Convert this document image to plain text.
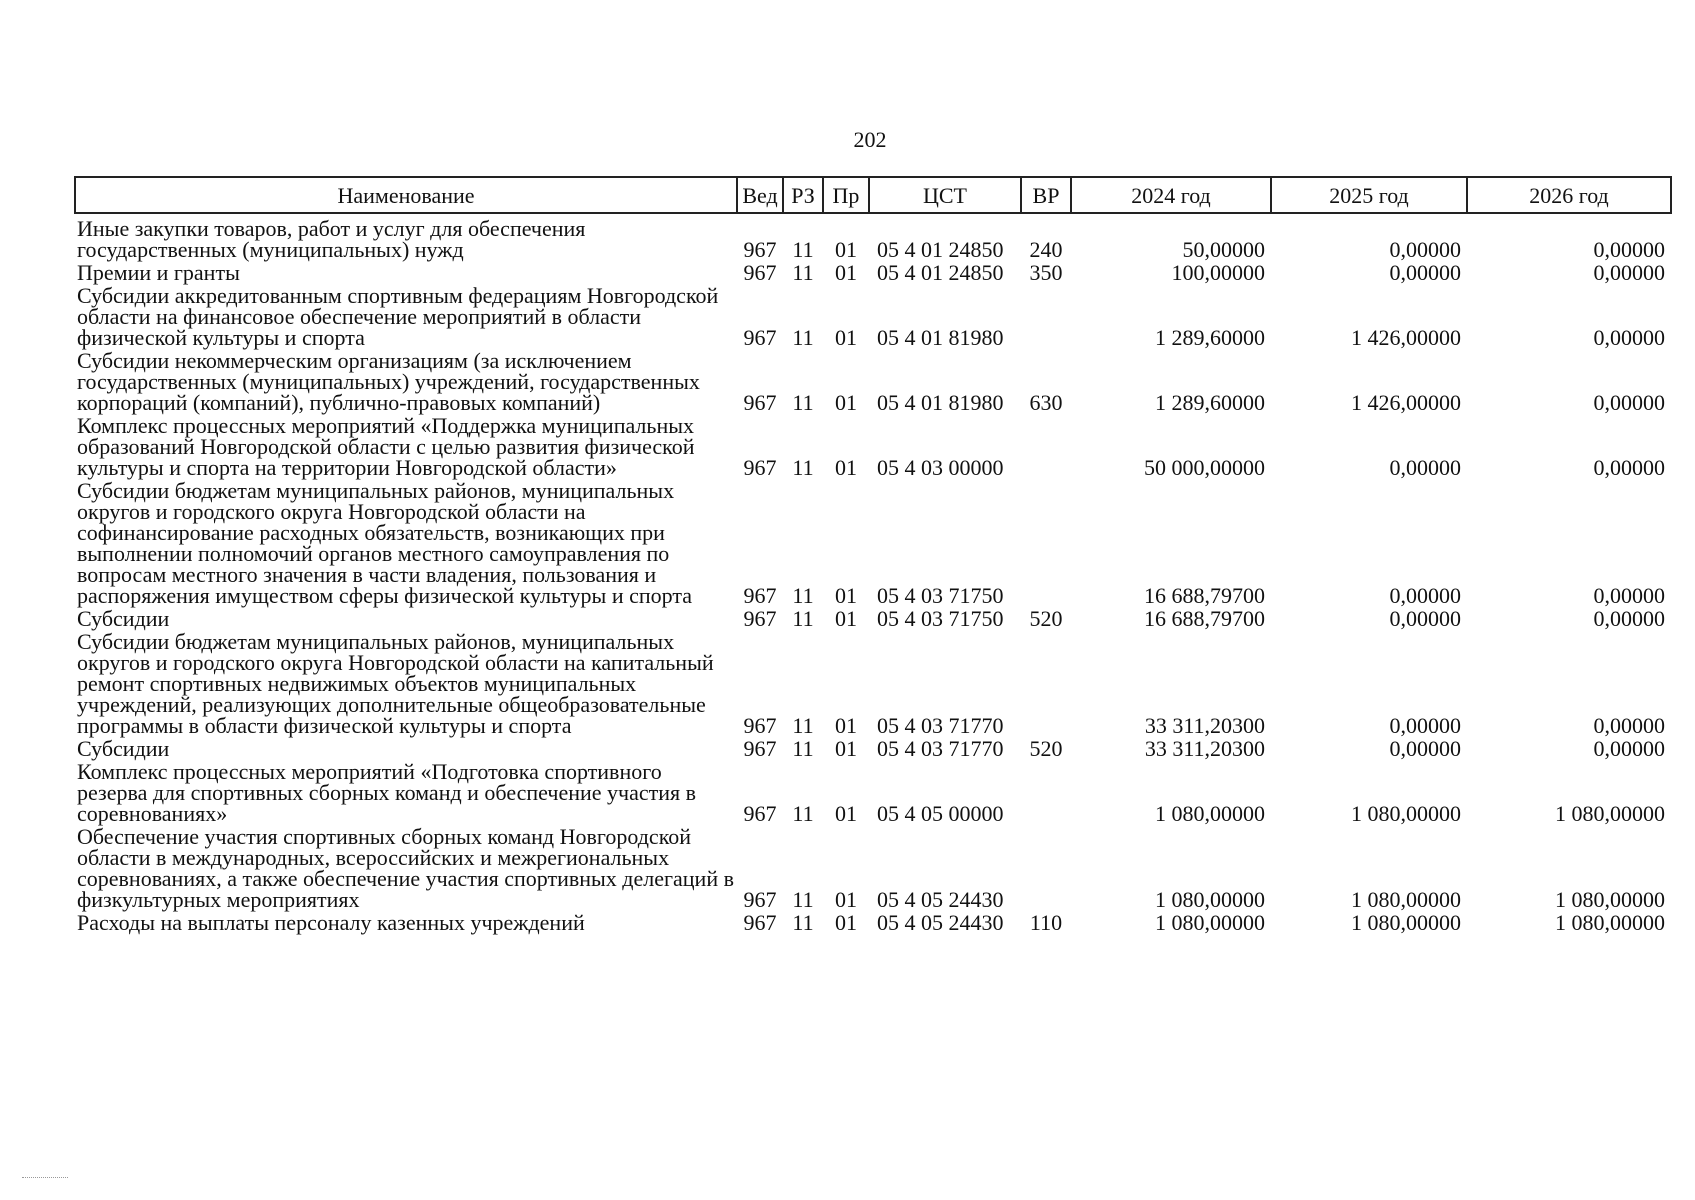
202
Наименование	Вед	РЗ	Пр	ЦСТ	ВР	2024 год	2025 год	2026 год
Иные закупки товаров, работ и услуг для обеспечения государственных (муниципальных) нужд	967	11	01	05 4 01 24850	240	50,00000	0,00000	0,00000
Премии и гранты	967	11	01	05 4 01 24850	350	100,00000	0,00000	0,00000
Субсидии аккредитованным спортивным федерациям Новгородской области на финансовое обеспечение мероприятий в области физической культуры и спорта	967	11	01	05 4 01 81980		1 289,60000	1 426,00000	0,00000
Субсидии некоммерческим организациям (за исключением государственных (муниципальных) учреждений, государственных корпораций (компаний), публично-правовых компаний)	967	11	01	05 4 01 81980	630	1 289,60000	1 426,00000	0,00000
Комплекс процессных мероприятий «Поддержка муниципальных образований Новгородской области с целью развития физической культуры и спорта на территории Новгородской области»	967	11	01	05 4 03 00000		50 000,00000	0,00000	0,00000
Субсидии бюджетам муниципальных районов, муниципальных округов и городского округа Новгородской области на софинансирование расходных обязательств, возникающих при выполнении полномочий органов местного самоуправления по вопросам местного значения в части владения, пользования и распоряжения имуществом сферы физической культуры и спорта	967	11	01	05 4 03 71750		16 688,79700	0,00000	0,00000
Субсидии	967	11	01	05 4 03 71750	520	16 688,79700	0,00000	0,00000
Субсидии бюджетам муниципальных районов, муниципальных округов и городского округа Новгородской области на капитальный ремонт спортивных недвижимых объектов муниципальных учреждений, реализующих дополнительные общеобразовательные программы в области физической культуры и спорта	967	11	01	05 4 03 71770		33 311,20300	0,00000	0,00000
Субсидии	967	11	01	05 4 03 71770	520	33 311,20300	0,00000	0,00000
Комплекс процессных мероприятий «Подготовка спортивного резерва для спортивных сборных команд и обеспечение участия в соревнованиях»	967	11	01	05 4 05 00000		1 080,00000	1 080,00000	1 080,00000
Обеспечение участия спортивных сборных команд Новгородской области в международных, всероссийских и межрегиональных соревнованиях, а также обеспечение участия спортивных делегаций в физкультурных мероприятиях	967	11	01	05 4 05 24430		1 080,00000	1 080,00000	1 080,00000
Расходы на выплаты персоналу казенных учреждений	967	11	01	05 4 05 24430	110	1 080,00000	1 080,00000	1 080,00000
